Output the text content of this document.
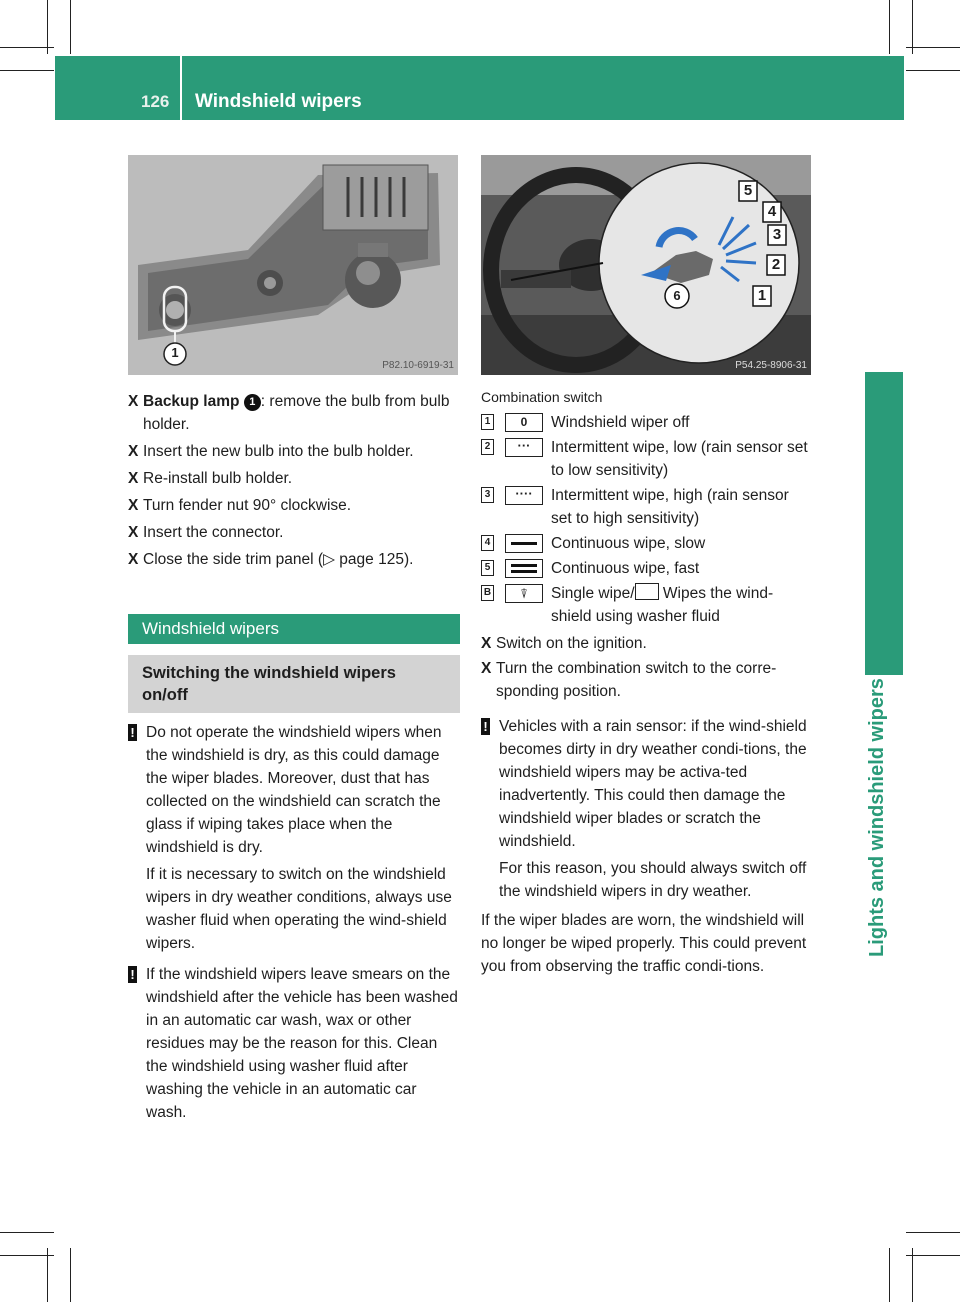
126 Windshield wipers
Lights and windshield wipers
1
P82.10-6919-31
5
4
3
2
6	1
P54.25-8906-31
X Backup lamp 1 : remove the bulb from bulb holder.
X Insert the new bulb into the bulb holder.
X Re-install bulb holder.
X Turn fender nut 90° clockwise.
X Insert the connector.
X Close the side trim panel (▷ page 125).
Windshield wipers
Switching the windshield wipers on/off
! Do not operate the windshield wipers when the windshield is dry, as this could damage the wiper blades. Moreover, dust that has collected on the windshield can scratch the glass if wiping takes place when the windshield is dry.
If it is necessary to switch on the windshield wipers in dry weather conditions, always use washer fluid when operating the wind-shield wipers.
! If the windshield wipers leave smears on the windshield after the vehicle has been washed in an automatic car wash, wax or other residues may be the reason for this. Clean the windshield using washer fluid after washing the vehicle in an automatic car wash.
Combination switch
1	0	Windshield wiper off
2	···	Intermittent wipe, low (rain sensor set to low sensitivity)
3	····	Intermittent wipe, high (rain sensor set to high sensitivity)
4	Continuous wipe, slow
5	Continuous wipe, fast
B	⍒	Single wipe/ Wipes the wind-shield using washer fluid
X Switch on the ignition.
X Turn the combination switch to the corre-sponding position.
! Vehicles with a rain sensor: if the wind-shield becomes dirty in dry weather condi-tions, the windshield wipers may be activa-ted inadvertently. This could then damage the windshield wiper blades or scratch the windshield.
For this reason, you should always switch off the windshield wipers in dry weather.
If the wiper blades are worn, the windshield will no longer be wiped properly. This could prevent you from observing the traffic condi-tions.
